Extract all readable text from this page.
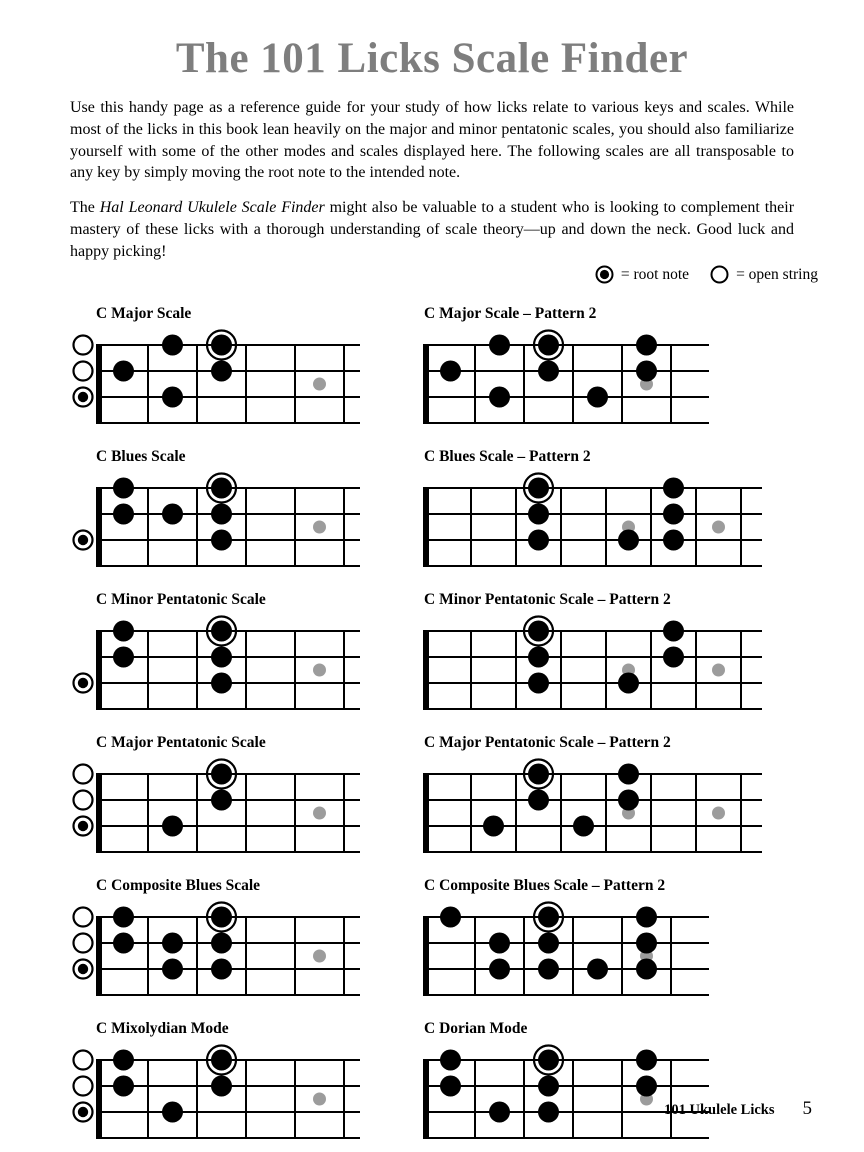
The 101 Licks Scale Finder

Use this handy page as a reference guide for your study of how licks relate to various keys and scales. While most of the licks in this book lean heavily on the major and minor pentatonic scales, you should also familiarize yourself with some of the other modes and scales displayed here. The following scales are all transposable to any key by simply moving the root note to the intended note.

The Hal Leonard Ukulele Scale Finder might also be valuable to a student who is looking to complement their mastery of these licks with a thorough understanding of scale theory—up and down the neck. Good luck and happy picking!

= root note	= open string
C Major Scale	C Major Scale – Pattern 2
C Blues Scale	C Blues Scale – Pattern 2
C Minor Pentatonic Scale	C Minor Pentatonic Scale – Pattern 2
C Major Pentatonic Scale	C Major Pentatonic Scale – Pattern 2
C Composite Blues Scale	C Composite Blues Scale – Pattern 2
C Mixolydian Mode	C Dorian Mode
101 Ukulele Licks 5
